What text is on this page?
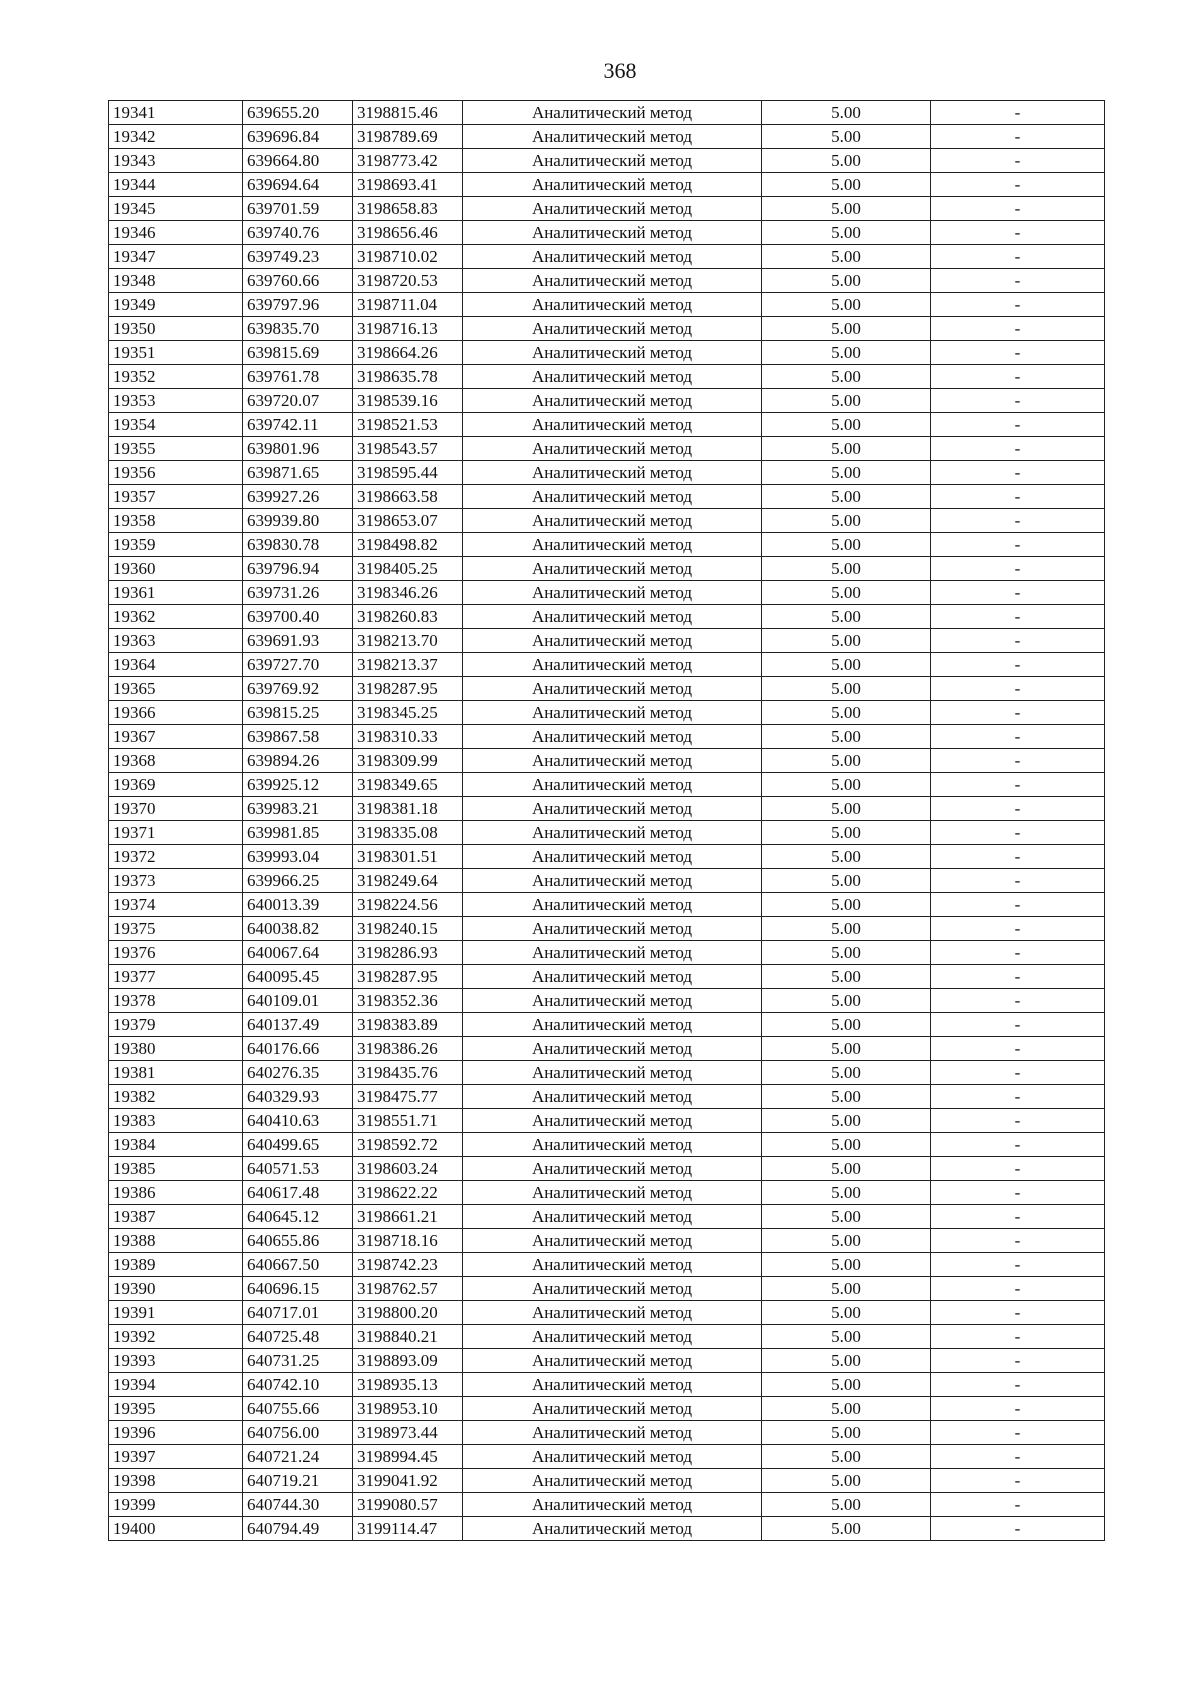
368
19341	639655.20	3198815.46	Аналитический метод	5.00	-
19342	639696.84	3198789.69	Аналитический метод	5.00	-
19343	639664.80	3198773.42	Аналитический метод	5.00	-
19344	639694.64	3198693.41	Аналитический метод	5.00	-
19345	639701.59	3198658.83	Аналитический метод	5.00	-
19346	639740.76	3198656.46	Аналитический метод	5.00	-
19347	639749.23	3198710.02	Аналитический метод	5.00	-
19348	639760.66	3198720.53	Аналитический метод	5.00	-
19349	639797.96	3198711.04	Аналитический метод	5.00	-
19350	639835.70	3198716.13	Аналитический метод	5.00	-
19351	639815.69	3198664.26	Аналитический метод	5.00	-
19352	639761.78	3198635.78	Аналитический метод	5.00	-
19353	639720.07	3198539.16	Аналитический метод	5.00	-
19354	639742.11	3198521.53	Аналитический метод	5.00	-
19355	639801.96	3198543.57	Аналитический метод	5.00	-
19356	639871.65	3198595.44	Аналитический метод	5.00	-
19357	639927.26	3198663.58	Аналитический метод	5.00	-
19358	639939.80	3198653.07	Аналитический метод	5.00	-
19359	639830.78	3198498.82	Аналитический метод	5.00	-
19360	639796.94	3198405.25	Аналитический метод	5.00	-
19361	639731.26	3198346.26	Аналитический метод	5.00	-
19362	639700.40	3198260.83	Аналитический метод	5.00	-
19363	639691.93	3198213.70	Аналитический метод	5.00	-
19364	639727.70	3198213.37	Аналитический метод	5.00	-
19365	639769.92	3198287.95	Аналитический метод	5.00	-
19366	639815.25	3198345.25	Аналитический метод	5.00	-
19367	639867.58	3198310.33	Аналитический метод	5.00	-
19368	639894.26	3198309.99	Аналитический метод	5.00	-
19369	639925.12	3198349.65	Аналитический метод	5.00	-
19370	639983.21	3198381.18	Аналитический метод	5.00	-
19371	639981.85	3198335.08	Аналитический метод	5.00	-
19372	639993.04	3198301.51	Аналитический метод	5.00	-
19373	639966.25	3198249.64	Аналитический метод	5.00	-
19374	640013.39	3198224.56	Аналитический метод	5.00	-
19375	640038.82	3198240.15	Аналитический метод	5.00	-
19376	640067.64	3198286.93	Аналитический метод	5.00	-
19377	640095.45	3198287.95	Аналитический метод	5.00	-
19378	640109.01	3198352.36	Аналитический метод	5.00	-
19379	640137.49	3198383.89	Аналитический метод	5.00	-
19380	640176.66	3198386.26	Аналитический метод	5.00	-
19381	640276.35	3198435.76	Аналитический метод	5.00	-
19382	640329.93	3198475.77	Аналитический метод	5.00	-
19383	640410.63	3198551.71	Аналитический метод	5.00	-
19384	640499.65	3198592.72	Аналитический метод	5.00	-
19385	640571.53	3198603.24	Аналитический метод	5.00	-
19386	640617.48	3198622.22	Аналитический метод	5.00	-
19387	640645.12	3198661.21	Аналитический метод	5.00	-
19388	640655.86	3198718.16	Аналитический метод	5.00	-
19389	640667.50	3198742.23	Аналитический метод	5.00	-
19390	640696.15	3198762.57	Аналитический метод	5.00	-
19391	640717.01	3198800.20	Аналитический метод	5.00	-
19392	640725.48	3198840.21	Аналитический метод	5.00	-
19393	640731.25	3198893.09	Аналитический метод	5.00	-
19394	640742.10	3198935.13	Аналитический метод	5.00	-
19395	640755.66	3198953.10	Аналитический метод	5.00	-
19396	640756.00	3198973.44	Аналитический метод	5.00	-
19397	640721.24	3198994.45	Аналитический метод	5.00	-
19398	640719.21	3199041.92	Аналитический метод	5.00	-
19399	640744.30	3199080.57	Аналитический метод	5.00	-
19400	640794.49	3199114.47	Аналитический метод	5.00	-
